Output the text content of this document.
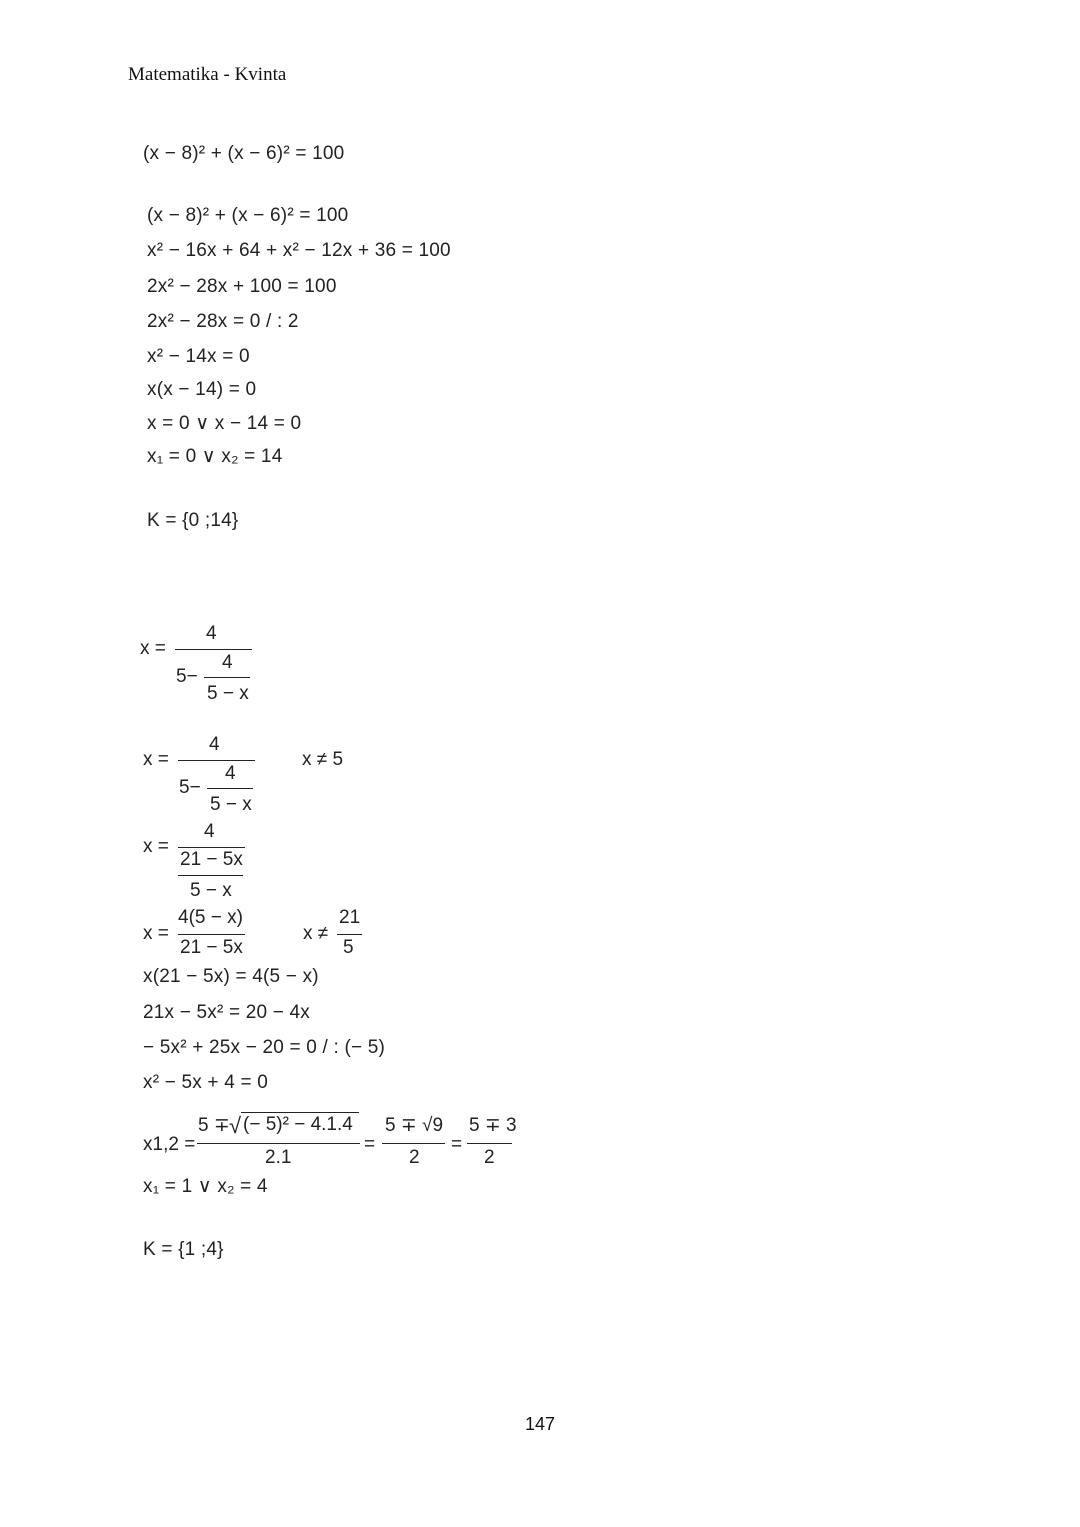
Matematika - Kvinta
(x − 8)² + (x − 6)² = 100
(x − 8)² + (x − 6)² = 100
x² − 16x + 64 + x² − 12x + 36 = 100
2x² − 28x + 100 = 100
2x² − 28x = 0 / : 2
x² − 14x = 0
x(x − 14) = 0
x = 0 ∨ x − 14 = 0
x₁ = 0 ∨ x₂ = 14
K = {0 ;14}
x =
4
5−
4
5 − x
x =
4
5−
4
5 − x
x ≠ 5
x =
4
21 − 5x
5 − x
x =
4(5 − x)
21 − 5x
x ≠
21
5
x(21 − 5x) = 4(5 − x)
21x − 5x² = 20 − 4x
− 5x² + 25x − 20 = 0 / : (− 5)
x² − 5x + 4 = 0
x1,2 =
5 ∓ √ (− 5)² − 4.1.4
2.1
=
5 ∓ √9
2
=
5 ∓ 3
2
x₁ = 1 ∨ x₂ = 4
K = {1 ;4}
147
